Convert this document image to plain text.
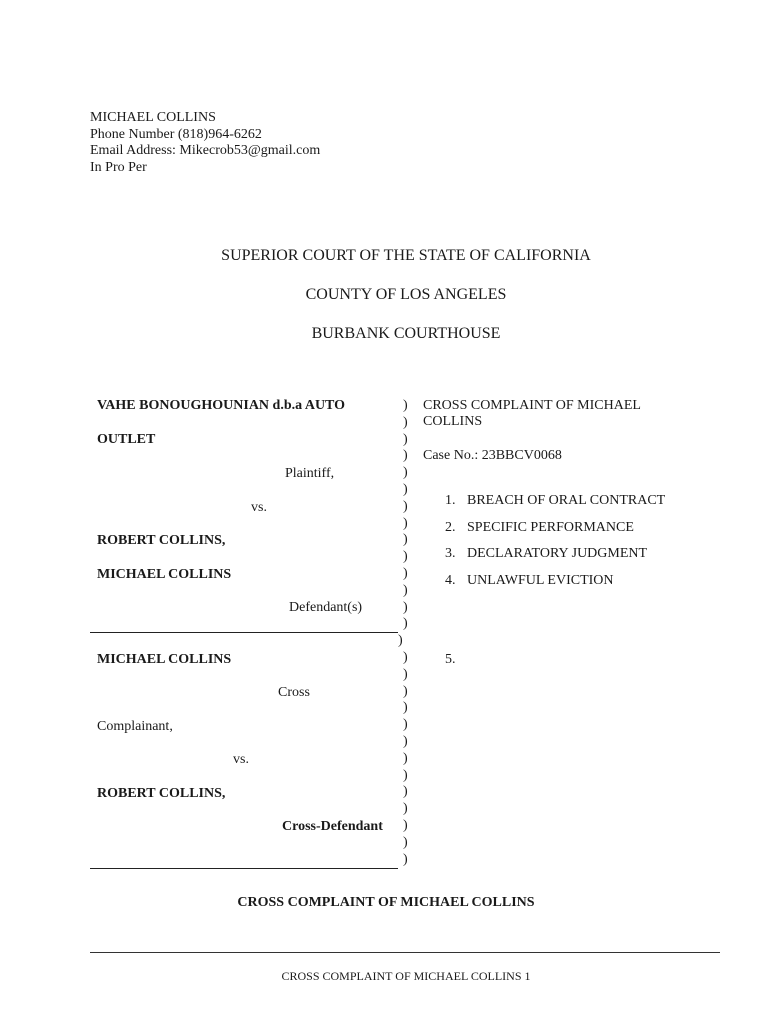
MICHAEL COLLINS
Phone Number (818)964-6262
Email Address: Mikecrob53@gmail.com
In Pro Per
SUPERIOR COURT OF THE STATE OF CALIFORNIA
COUNTY OF LOS ANGELES
BURBANK COURTHOUSE
VAHE BONOUGHOUNIAN d.b.a AUTO
OUTLET
Plaintiff,
vs.
ROBERT COLLINS,
MICHAEL COLLINS
Defendant(s)
MICHAEL COLLINS
Cross
Complainant,
vs.
ROBERT COLLINS,
Cross-Defendant
)
)
)
)
)
)
)
)
)
)
)
)
)
)
)
)
)
)
)
)
)
)
)
)
)
)
)
)
CROSS COMPLAINT OF MICHAEL
COLLINS
Case No.: 23BBCV0068
1. BREACH OF ORAL CONTRACT
2. SPECIFIC PERFORMANCE
3. DECLARATORY JUDGMENT
4. UNLAWFUL EVICTION
5.
CROSS COMPLAINT OF MICHAEL COLLINS
CROSS COMPLAINT OF MICHAEL COLLINS 1
